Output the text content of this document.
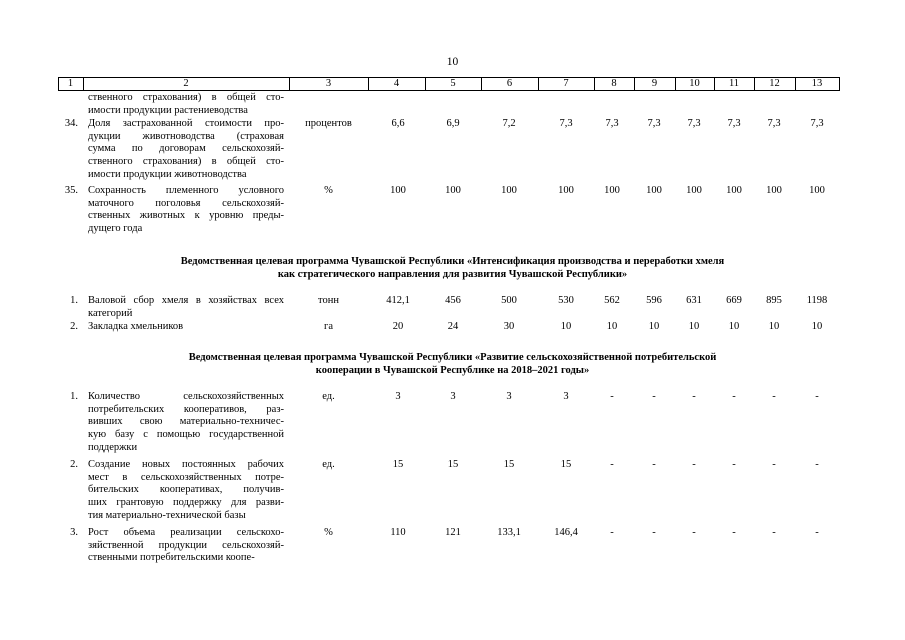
10
1	2	3	4	5	6	7	8	9	10	11	12	13
ственного страхования) в общей сто-
имости продукции растениеводства
34. Доля застрахованной стоимости про-
дукции животноводства (страховая
сумма по договорам сельскохозяй-
ственного страхования) в общей сто-
имости продукции животноводства
процентов	6,6	6,9	7,2	7,3	7,3	7,3	7,3	7,3	7,3	7,3
35. Сохранность племенного условного
маточного поголовья сельскохозяй-
ственных животных к уровню преды-
дущего года
%	100	100	100	100	100	100	100	100	100	100
1. Валовой сбор хмеля в хозяйствах всех
категорий
тонн	412,1	456	500	530	562	596	631	669	895	1198
2. Закладка хмельников	га	20	24	30	10	10	10	10	10	10	10
1. Количество сельскохозяйственных
потребительских кооперативов, раз-
вивших свою материально-техничес-
кую базу с помощью государственной
поддержки
ед.	3	3	3	3	-	-	-	-	-	-
2. Создание новых постоянных рабочих
мест в сельскохозяйственных потре-
бительских кооперативах, получив-
ших грантовую поддержку для разви-
тия материально-технической базы
ед.	15	15	15	15	-	-	-	-	-	-
3. Рост объема реализации сельскохо-
зяйственной продукции сельскохозяй-
ственными потребительскими коопе-
%	110	121	133,1	146,4	-	-	-	-	-	-
Ведомственная целевая программа Чувашской Республики «Интенсификация производства и переработки хмеля
как стратегического направления для развития Чувашской Республики»
Ведомственная целевая программа Чувашской Республики «Развитие сельскохозяйственной потребительской
кооперации в Чувашской Республике на 2018–2021 годы»
